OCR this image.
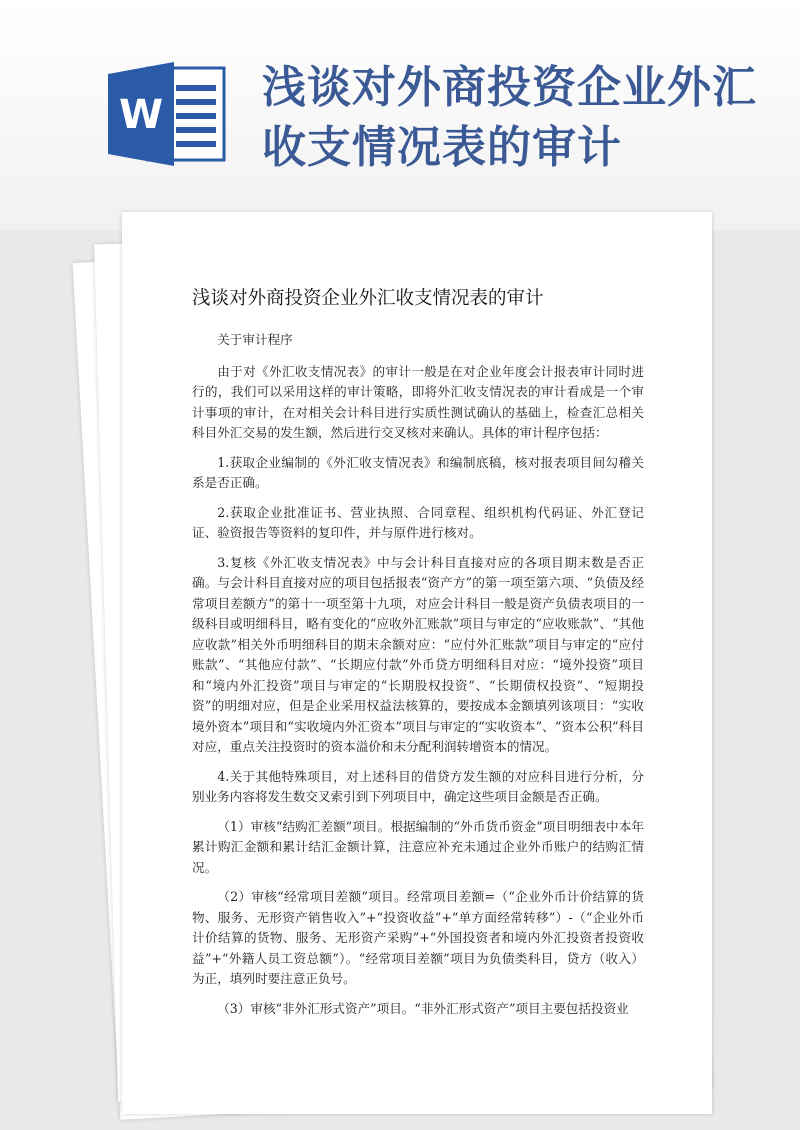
W
浅谈对外商投资企业外汇收支情况表的审计
浅谈对外商投资企业外汇收支情况表的审计

关于审计程序

由于对《外汇收支情况表》的审计一般是在对企业年度会计报表审计同时进行的，我们可以采用这样的审计策略，即将外汇收支情况表的审计看成是一个审计事项的审计，在对相关会计科目进行实质性测试确认的基础上，检查汇总相关科目外汇交易的发生额，然后进行交叉核对来确认。具体的审计程序包括：

1.获取企业编制的《外汇收支情况表》和编制底稿，核对报表项目间勾稽关系是否正确。

2.获取企业批准证书、营业执照、合同章程、组织机构代码证、外汇登记证、验资报告等资料的复印件，并与原件进行核对。

3.复核《外汇收支情况表》中与会计科目直接对应的各项目期末数是否正确。与会计科目直接对应的项目包括报表“资产方”的第一项至第六项、“负债及经常项目差额方”的第十一项至第十九项，对应会计科目一般是资产负债表项目的一级科目或明细科目，略有变化的“应收外汇账款”项目与审定的“应收账款”、“其他应收款”相关外币明细科目的期末余额对应：“应付外汇账款”项目与审定的“应付账款”、“其他应付款”、“长期应付款”外币贷方明细科目对应：“境外投资”项目和“境内外汇投资”项目与审定的“长期股权投资”、“长期债权投资”、“短期投资”的明细对应，但是企业采用权益法核算的，要按成本金额填列该项目：“实收境外资本”项目和“实收境内外汇资本”项目与审定的“实收资本”、“资本公积”科目对应，重点关注投资时的资本溢价和未分配利润转增资本的情况。

4.关于其他特殊项目，对上述科目的借贷方发生额的对应科目进行分析，分别业务内容将发生数交叉索引到下列项目中，确定这些项目金额是否正确。

（1）审核“结购汇差额”项目。根据编制的“外币货币资金”项目明细表中本年累计购汇金额和累计结汇金额计算，注意应补充未通过企业外币账户的结购汇情况。

（2）审核“经常项目差额”项目。经常项目差额=（“企业外币计价结算的货物、服务、无形资产销售收入”+“投资收益”+“单方面经常转移”）-（“企业外币计价结算的货物、服务、无形资产采购”+“外国投资者和境内外汇投资者投资收益”+“外籍人员工资总额”）。“经常项目差额”项目为负债类科目，贷方（收入）为正，填列时要注意正负号。

（3）审核“非外汇形式资产”项目。“非外汇形式资产”项目主要包括投资业
